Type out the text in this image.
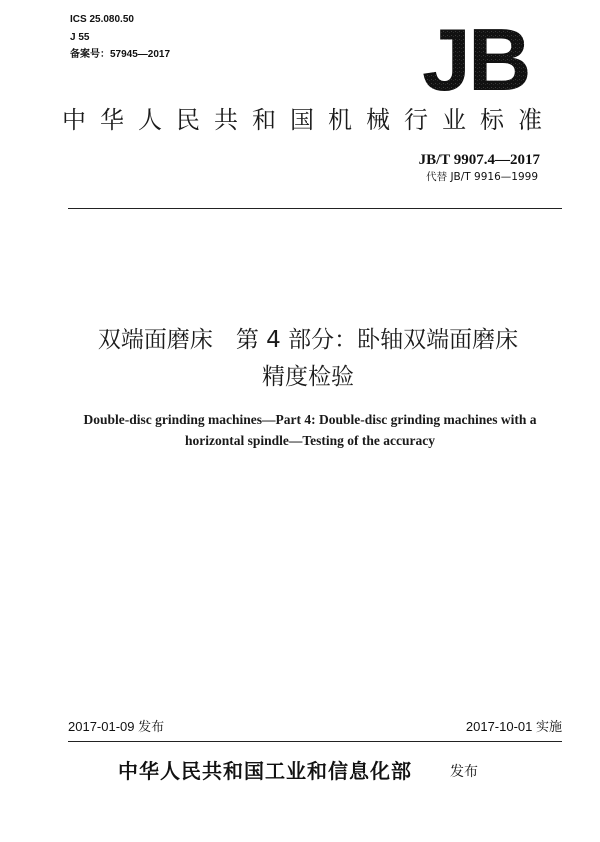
ICS 25.080.50
J 55
备案号：57945—2017	JB
中华人民共和国机械行业标准
JB/T 9907.4—2017
代替 JB/T 9916—1999
双端面磨床　第 4 部分：卧轴双端面磨床
精度检验
Double-disc grinding machines—Part 4: Double-disc grinding machines with a
horizontal spindle—Testing of the accuracy
2017-01-09 发布	2017-10-01 实施
中华人民共和国工业和信息化部	发布
